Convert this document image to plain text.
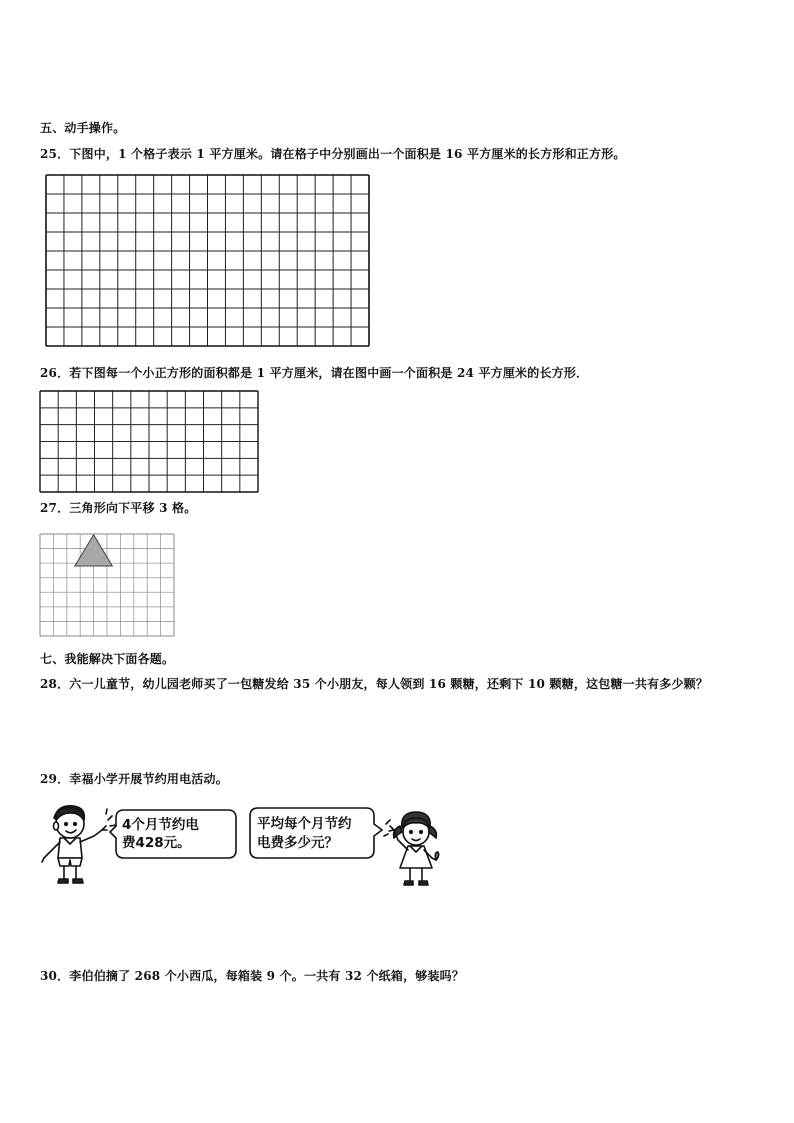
五、动手操作。
25．下图中，1 个格子表示 1 平方厘米。请在格子中分别画出一个面积是 16 平方厘米的长方形和正方形。
26．若下图每一个小正方形的面积都是 1 平方厘米，请在图中画一个面积是 24 平方厘米的长方形．
27．三角形向下平移 3 格。
七、我能解决下面各题。
28．六一儿童节，幼儿园老师买了一包糖发给 35 个小朋友，每人领到 16 颗糖，还剩下 10 颗糖，这包糖一共有多少颗？
29．幸福小学开展节约用电活动。
4个月节约电
费428元。
平均每个月节约
电费多少元？
30．李伯伯摘了 268 个小西瓜，每箱装 9 个。一共有 32 个纸箱，够装吗？
